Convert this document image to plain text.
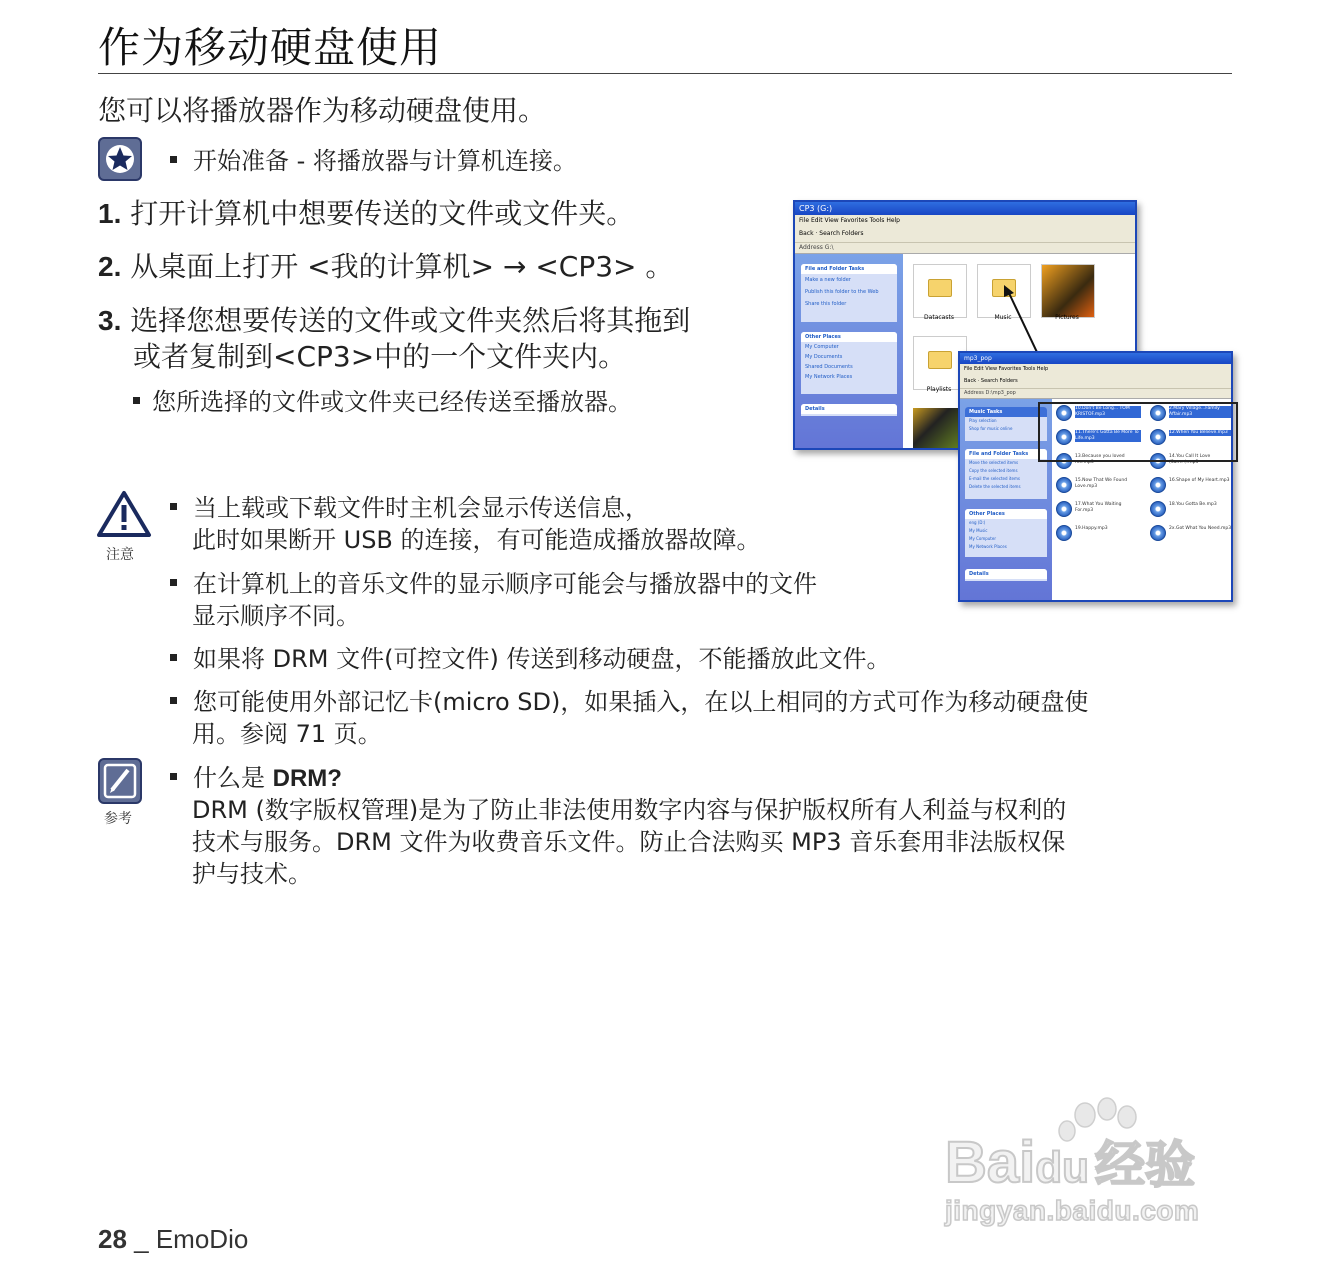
作为移动硬盘使用
您可以将播放器作为移动硬盘使用。
开始准备 - 将播放器与计算机连接。
1. 打开计算机中想要传送的文件或文件夹。
2. 从桌面上打开 <我的计算机> → <CP3> 。
3. 选择您想要传送的文件或文件夹然后将其拖到
或者复制到<CP3>中的一个文件夹内。
您所选择的文件或文件夹已经传送至播放器。
CP3 (G:)
File Edit View Favorites Tools Help
Back · Search Folders
Address G:\
File and Folder Tasks
Make a new folder
Publish this folder to the Web
Share this folder
Other Places
My Computer
My Documents
Shared Documents
My Network Places
Details
Datacasts	Music	Pictures
Playlists
mp3_pop
File Edit View Favorites Tools Help
Back · Search Folders
Address D:\mp3_pop
Music Tasks
Play selection
Shop for music online
File and Folder Tasks
Move the selected items
Copy the selected items
E-mail the selected items
Delete the selected items
Other Places
eng (D:)
My Music
My Computer
My Network Places
Details
10.Don't Be Long... TOM KRISTOF.mp3
11.There's Gotta Be More To Life.mp3
13.Because you loved me.mp3
15.Now That We Found Love.mp3
17.What You Waiting For.mp3
19.Happy.mp3
2.Mary Village...Family Affair.mp3
12.When You Believe.mp3
14.You Call It Love (Sam...).mp3
16.Shape of My Heart.mp3
18.You Gotta Be.mp3
2x.Got What You Need.mp3
注意
当上载或下载文件时主机会显示传送信息，
此时如果断开 USB 的连接，有可能造成播放器故障。
在计算机上的音乐文件的显示顺序可能会与播放器中的文件
显示顺序不同。
如果将 DRM 文件(可控文件) 传送到移动硬盘，不能播放此文件。
您可能使用外部记忆卡(micro SD)，如果插入，在以上相同的方式可作为移动硬盘使
用。参阅 71 页。
参考
什么是 DRM?
DRM (数字版权管理)是为了防止非法使用数字内容与保护版权所有人利益与权利的
技术与服务。DRM 文件为收费音乐文件。防止合法购买 MP3 音乐套用非法版权保
护与技术。
Baidu 经验
jingyan.baidu.com
28 _ EmoDio
